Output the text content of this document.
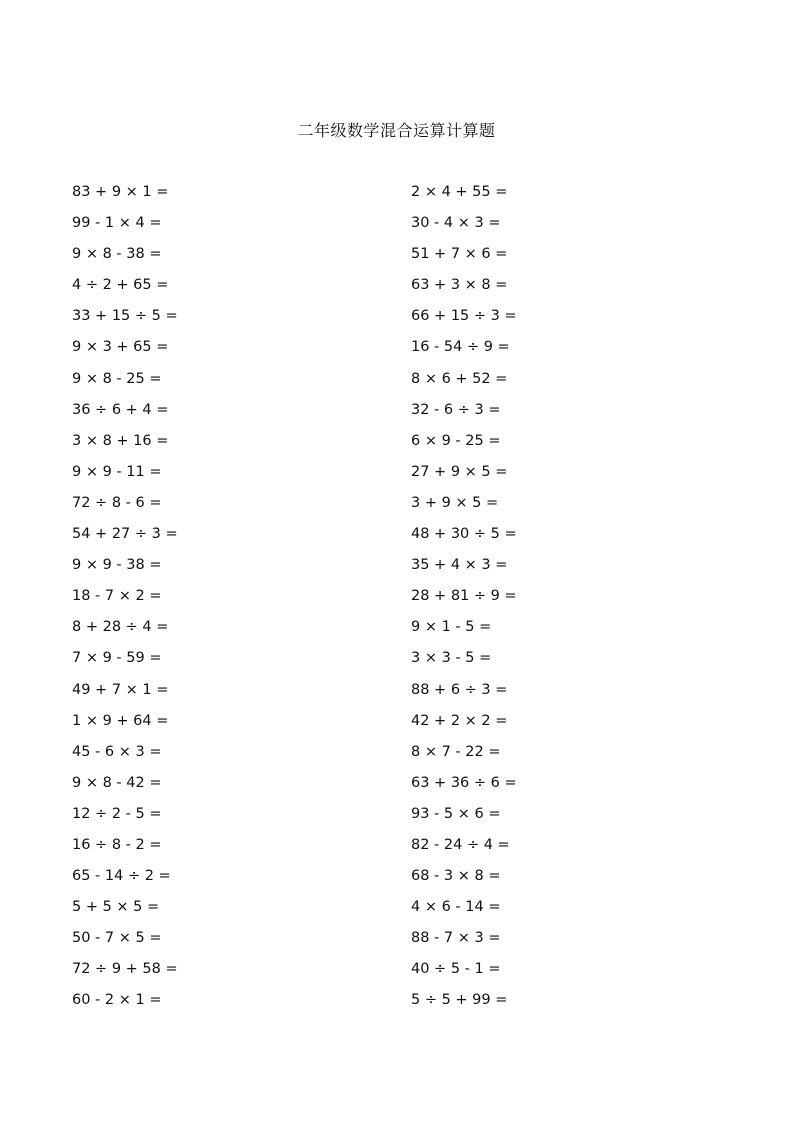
二年级数学混合运算计算题
83 + 9 × 1 =	2 × 4 + 55 =
99 - 1 × 4 =	30 - 4 × 3 =
9 × 8 - 38 =	51 + 7 × 6 =
4 ÷ 2 + 65 =	63 + 3 × 8 =
33 + 15 ÷ 5 =	66 + 15 ÷ 3 =
9 × 3 + 65 =	16 - 54 ÷ 9 =
9 × 8 - 25 =	8 × 6 + 52 =
36 ÷ 6 + 4 =	32 - 6 ÷ 3 =
3 × 8 + 16 =	6 × 9 - 25 =
9 × 9 - 11 =	27 + 9 × 5 =
72 ÷ 8 - 6 =	3 + 9 × 5 =
54 + 27 ÷ 3 =	48 + 30 ÷ 5 =
9 × 9 - 38 =	35 + 4 × 3 =
18 - 7 × 2 =	28 + 81 ÷ 9 =
8 + 28 ÷ 4 =	9 × 1 - 5 =
7 × 9 - 59 =	3 × 3 - 5 =
49 + 7 × 1 =	88 + 6 ÷ 3 =
1 × 9 + 64 =	42 + 2 × 2 =
45 - 6 × 3 =	8 × 7 - 22 =
9 × 8 - 42 =	63 + 36 ÷ 6 =
12 ÷ 2 - 5 =	93 - 5 × 6 =
16 ÷ 8 - 2 =	82 - 24 ÷ 4 =
65 - 14 ÷ 2 =	68 - 3 × 8 =
5 + 5 × 5 =	4 × 6 - 14 =
50 - 7 × 5 =	88 - 7 × 3 =
72 ÷ 9 + 58 =	40 ÷ 5 - 1 =
60 - 2 × 1 =	5 ÷ 5 + 99 =
